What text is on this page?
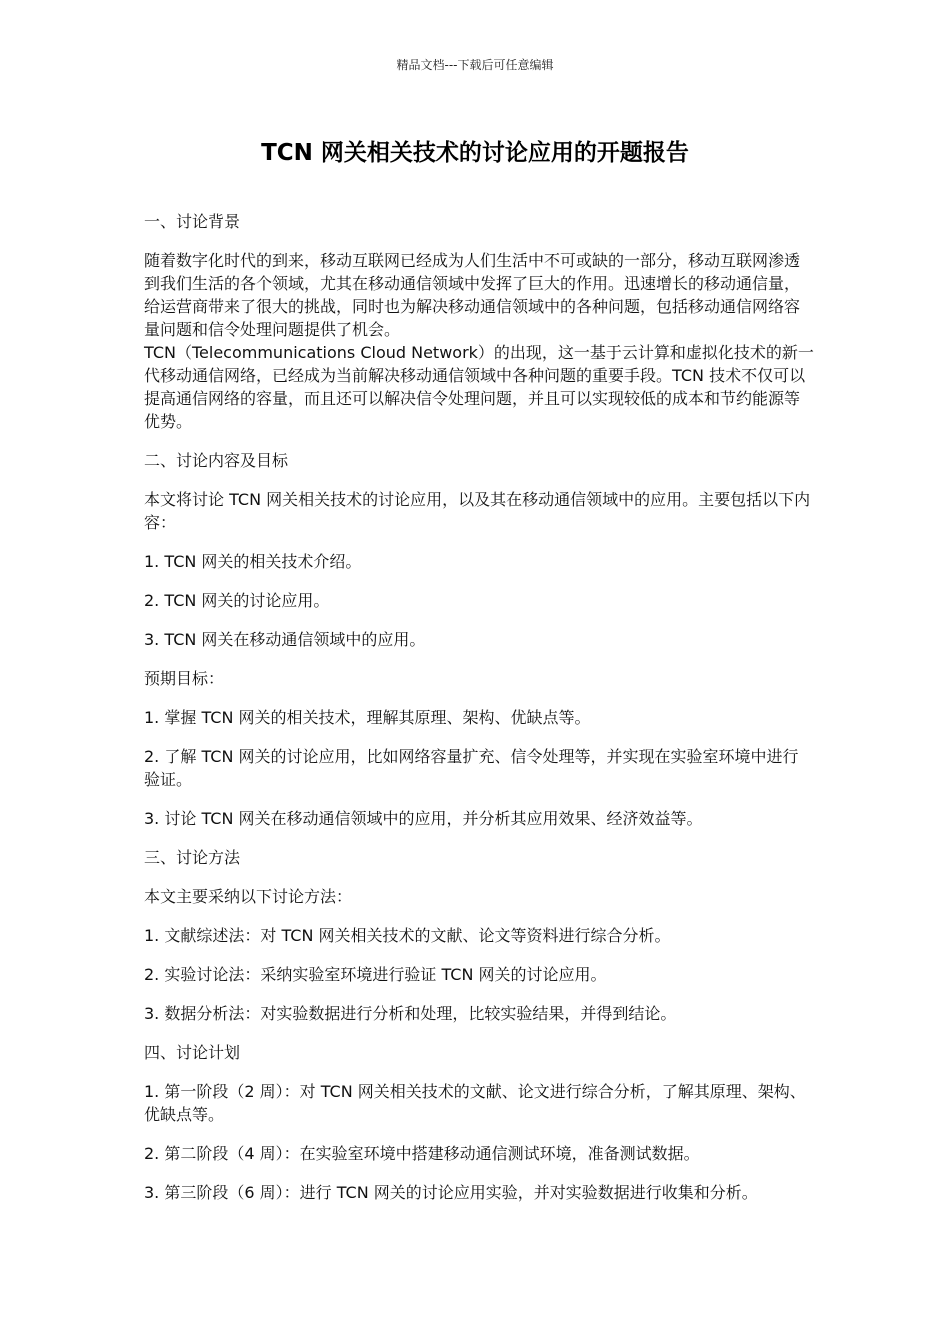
精品文档---下载后可任意编辑
TCN 网关相关技术的讨论应用的开题报告

一、讨论背景

随着数字化时代的到来，移动互联网已经成为人们生活中不可或缺的一部分，移动互联网渗透到我们生活的各个领域，尤其在移动通信领域中发挥了巨大的作用。迅速增长的移动通信量，给运营商带来了很大的挑战，同时也为解决移动通信领域中的各种问题，包括移动通信网络容量问题和信令处理问题提供了机会。

TCN（Telecommunications Cloud Network）的出现，这一基于云计算和虚拟化技术的新一代移动通信网络，已经成为当前解决移动通信领域中各种问题的重要手段。TCN 技术不仅可以提高通信网络的容量，而且还可以解决信令处理问题，并且可以实现较低的成本和节约能源等优势。

二、讨论内容及目标

本文将讨论 TCN 网关相关技术的讨论应用，以及其在移动通信领域中的应用。主要包括以下内容：

1. TCN 网关的相关技术介绍。

2. TCN 网关的讨论应用。

3. TCN 网关在移动通信领域中的应用。

预期目标：

1. 掌握 TCN 网关的相关技术，理解其原理、架构、优缺点等。

2. 了解 TCN 网关的讨论应用，比如网络容量扩充、信令处理等，并实现在实验室环境中进行验证。

3. 讨论 TCN 网关在移动通信领域中的应用，并分析其应用效果、经济效益等。

三、讨论方法

本文主要采纳以下讨论方法：

1. 文献综述法：对 TCN 网关相关技术的文献、论文等资料进行综合分析。

2. 实验讨论法：采纳实验室环境进行验证 TCN 网关的讨论应用。

3. 数据分析法：对实验数据进行分析和处理，比较实验结果，并得到结论。

四、讨论计划

1. 第一阶段（2 周）：对 TCN 网关相关技术的文献、论文进行综合分析，了解其原理、架构、优缺点等。

2. 第二阶段（4 周）：在实验室环境中搭建移动通信测试环境，准备测试数据。

3. 第三阶段（6 周）：进行 TCN 网关的讨论应用实验，并对实验数据进行收集和分析。
